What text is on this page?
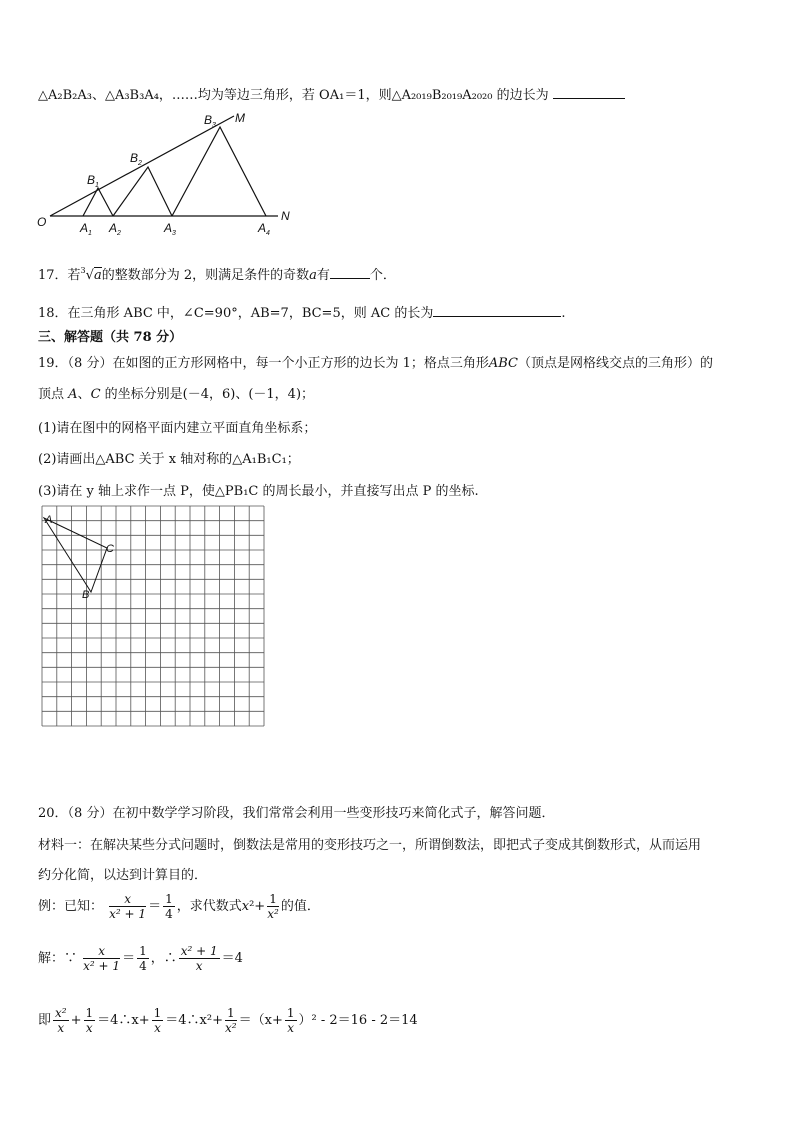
△A₂B₂A₃、△A₃B₃A₄，……均为等边三角形，若 OA₁＝1，则△A₂₀₁₉B₂₀₁₉A₂₀₂₀ 的边长为
O	$A_1$ $A_2$	$A_3$	$A_4$
$B_1$
$B_2$
$B_3$
M
N
17．若$^3$√a的整数部分为 2，则满足条件的奇数a有	个．
18．在三角形 ABC 中，∠C=90°，AB=7，BC=5，则 AC 的长为	.
三、解答题（共 78 分）
19．（8 分）在如图的正方形网格中，每一个小正方形的边长为 1；格点三角形ABC（顶点是网格线交点的三角形）的
顶点 A、C 的坐标分别是(－4，6)、(－1，4)；
(1)请在图中的网格平面内建立平面直角坐标系；
(2)请画出△ABC 关于 x 轴对称的△A₁B₁C₁；
(3)请在 y 轴上求作一点 P，使△PB₁C 的周长最小，并直接写出点 P 的坐标.
A
C
B
20．（8 分）在初中数学学习阶段，我们常常会利用一些变形技巧来简化式子，解答问题．
材料一：在解决某些分式问题时，倒数法是常用的变形技巧之一，所谓倒数法，即把式子变成其倒数形式，从而运用
约分化简，以达到计算目的．
例：已知： $\frac{x}{\text{x² + 1}} = \frac{1}{4}$ ，求代数式$x^2+ \frac{1}{\text{x²}}$ 的值．
解：∵ $\frac{x}{\text{x² + 1}} = \frac{1}{4}$ ，∴ $\frac{\text{x² + 1}}{x} =4$
即 $\frac{\text{x²}}{x} + \frac{1}{x}$ ＝4∴x+ $\frac{1}{x}$ ＝4∴x²+ $\frac{1}{\text{x²}} =(x+ \frac{1}{x} )^2 - 2=16 - 2=14$
